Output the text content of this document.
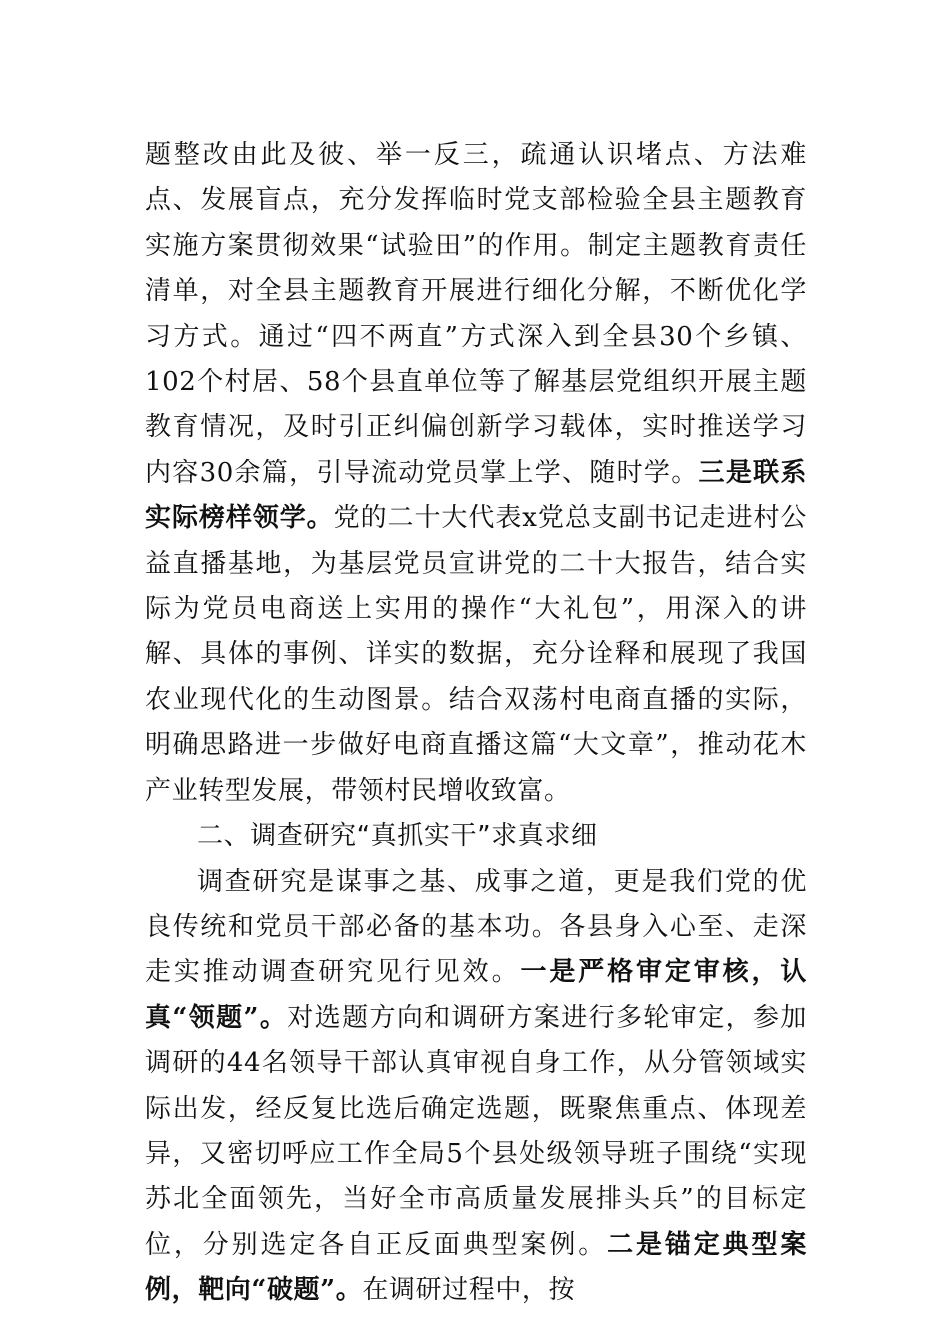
题整改由此及彼、举一反三，疏通认识堵点、方法难点、发展盲点，充分发挥临时党支部检验全县主题教育实施方案贯彻效果“试验田”的作用。制定主题教育责任清单，对全县主题教育开展进行细化分解，不断优化学习方式。通过“四不两直”方式深入到全县30个乡镇、102个村居、58个县直单位等了解基层党组织开展主题教育情况，及时引正纠偏创新学习载体，实时推送学习内容30余篇，引导流动党员掌上学、随时学。三是联系实际榜样领学。党的二十大代表x党总支副书记走进村公益直播基地，为基层党员宣讲党的二十大报告，结合实际为党员电商送上实用的操作“大礼包”，用深入的讲解、具体的事例、详实的数据，充分诠释和展现了我国农业现代化的生动图景。结合双荡村电商直播的实际，明确思路进一步做好电商直播这篇“大文章”，推动花木产业转型发展，带领村民增收致富。

二、调查研究“真抓实干”求真求细

调查研究是谋事之基、成事之道，更是我们党的优良传统和党员干部必备的基本功。各县身入心至、走深走实推动调查研究见行见效。一是严格审定审核，认真“领题”。对选题方向和调研方案进行多轮审定，参加调研的44名领导干部认真审视自身工作，从分管领域实际出发，经反复比选后确定选题，既聚焦重点、体现差异，又密切呼应工作全局5个县处级领导班子围绕“实现苏北全面领先，当好全市高质量发展排头兵”的目标定位，分别选定各自正反面典型案例。二是锚定典型案例，靶向“破题”。在调研过程中，按
